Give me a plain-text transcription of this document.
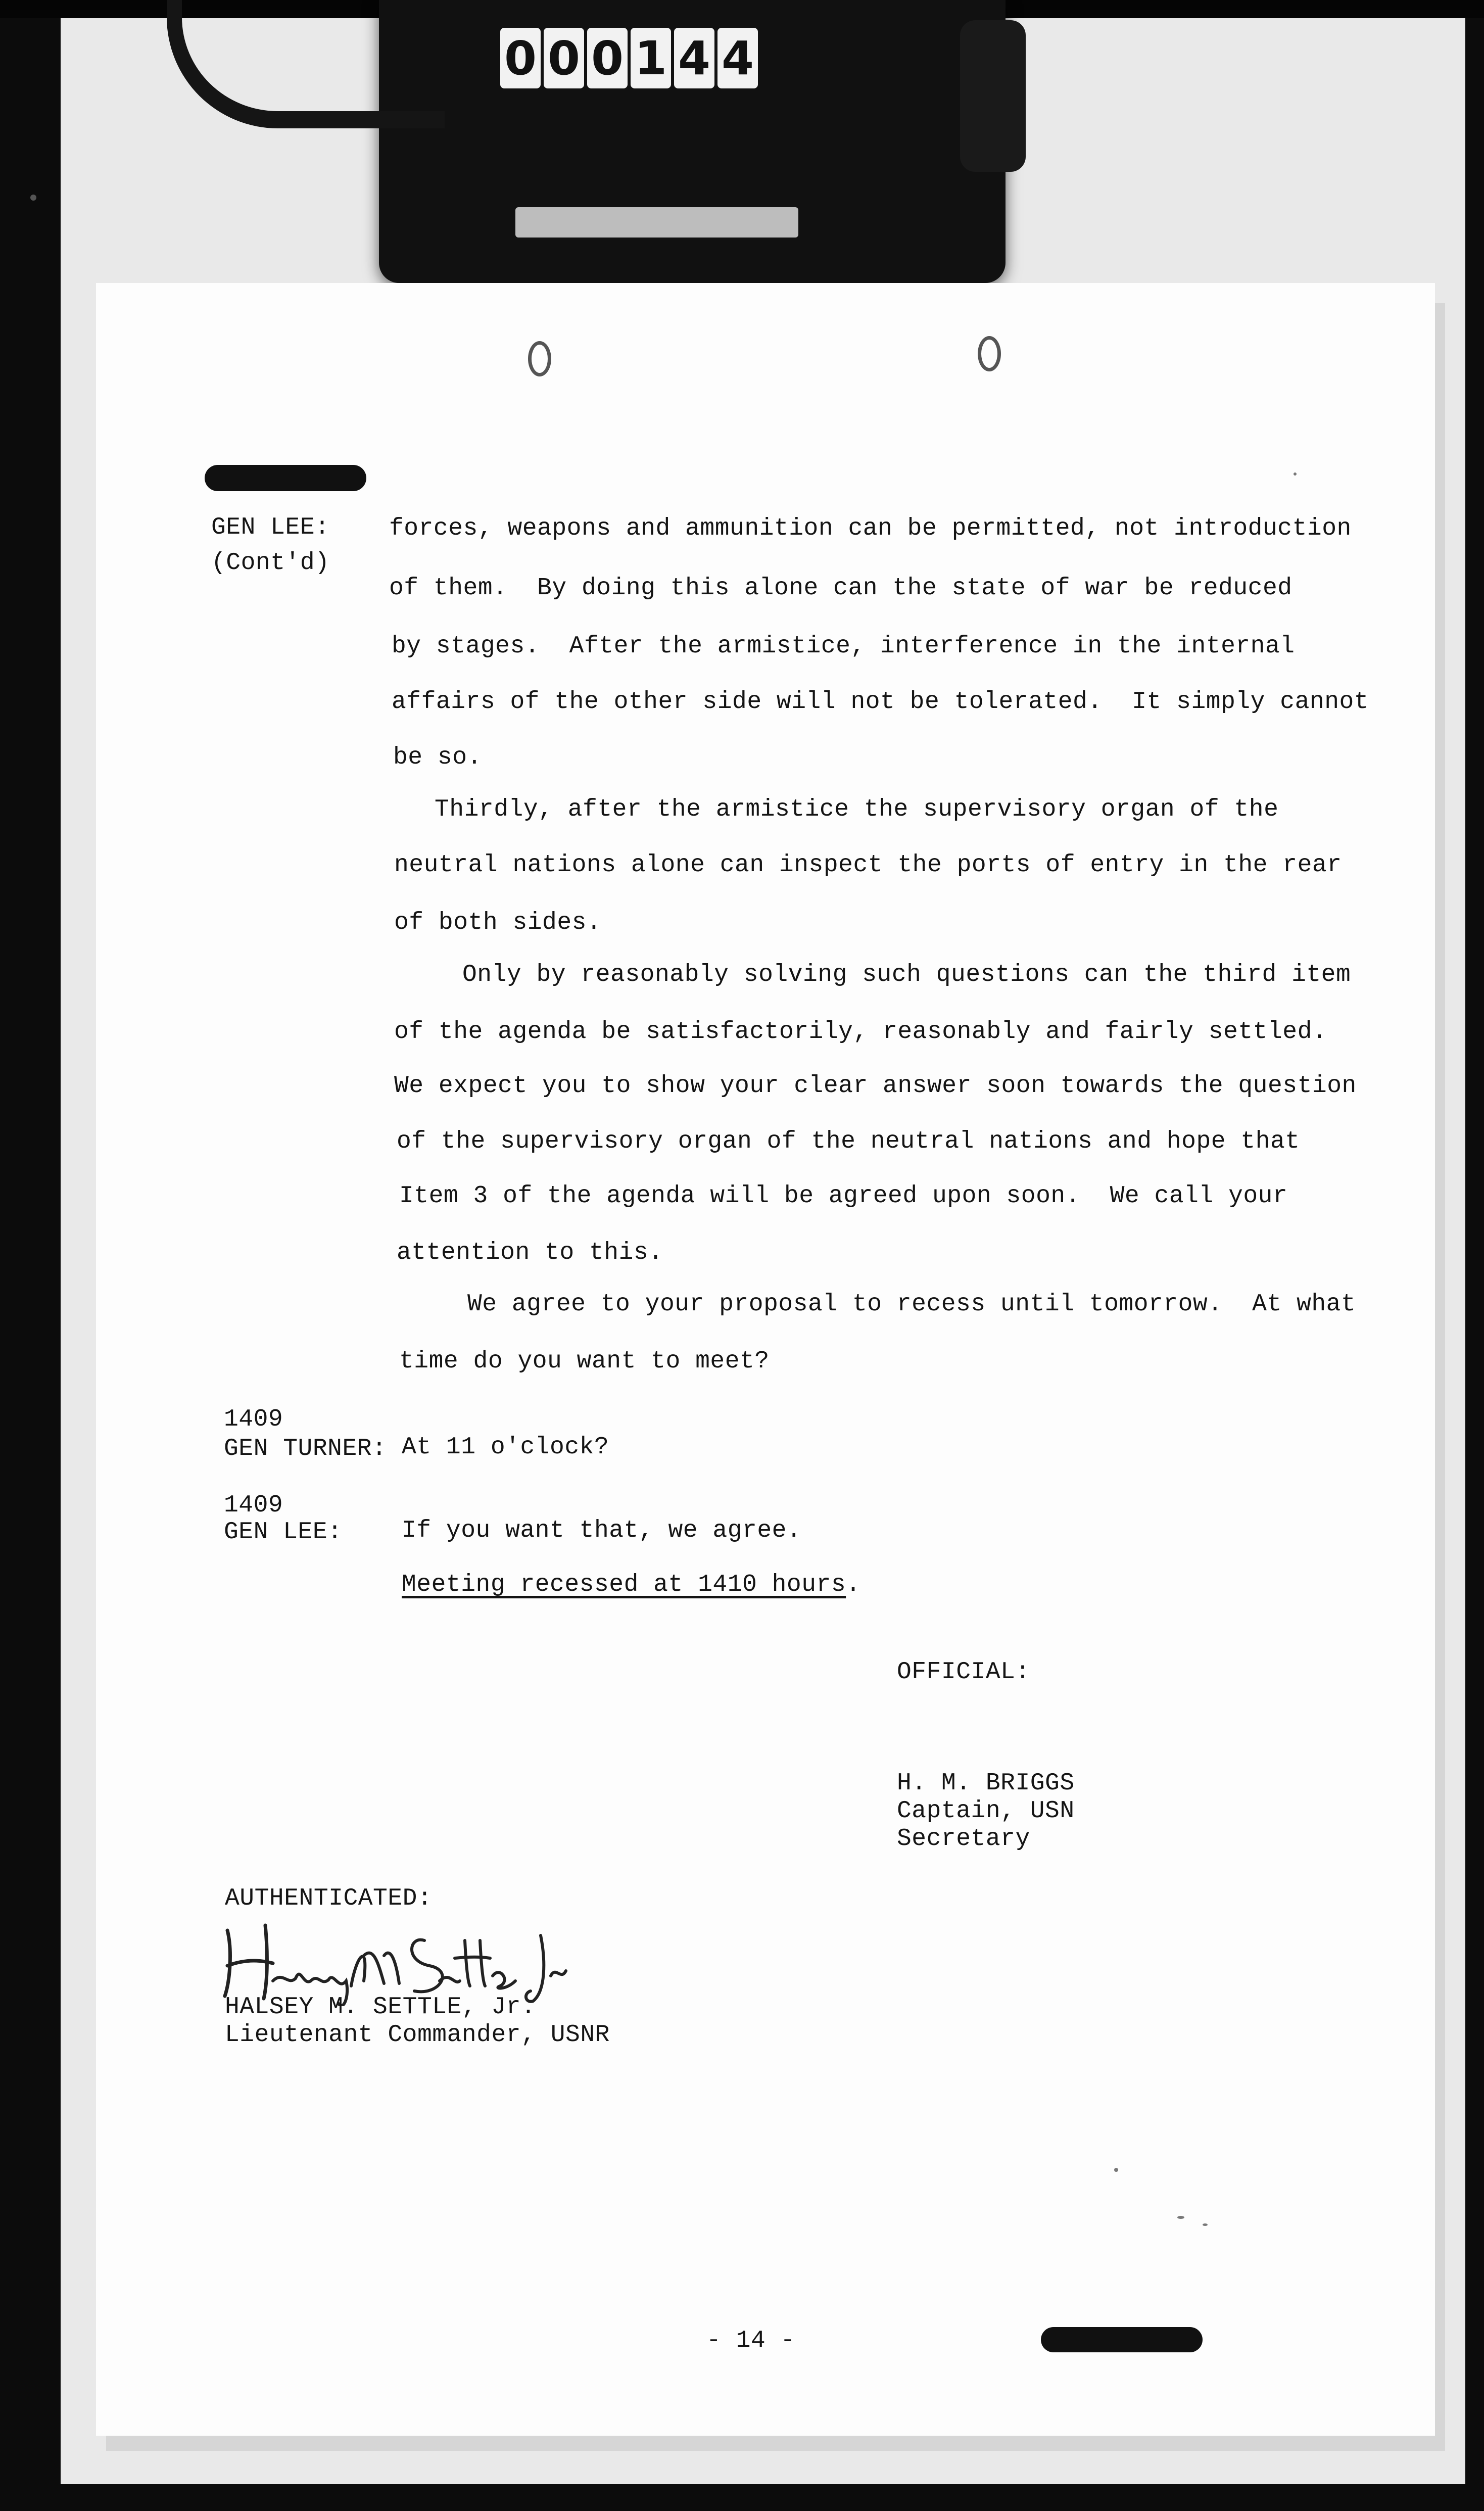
0 0 0 1 4 4
GEN LEE:
(Cont'd)
forces, weapons and ammunition can be permitted, not introduction
of them.  By doing this alone can the state of war be reduced
by stages.  After the armistice, interference in the internal
affairs of the other side will not be tolerated.  It simply cannot
be so.
Thirdly, after the armistice the supervisory organ of the
neutral nations alone can inspect the ports of entry in the rear
of both sides.
Only by reasonably solving such questions can the third item
of the agenda be satisfactorily, reasonably and fairly settled.
We expect you to show your clear answer soon towards the question
of the supervisory organ of the neutral nations and hope that
Item 3 of the agenda will be agreed upon soon.  We call your
attention to this.
We agree to your proposal to recess until tomorrow.  At what
time do you want to meet?
1409
GEN TURNER: At 11 o'clock?
1409
GEN LEE: If you want that, we agree.
Meeting recessed at 1410 hours.
OFFICIAL:
H. M. BRIGGS
Captain, USN
Secretary
AUTHENTICATED:
HALSEY M. SETTLE, Jr.
Lieutenant Commander, USNR
- 14 -
